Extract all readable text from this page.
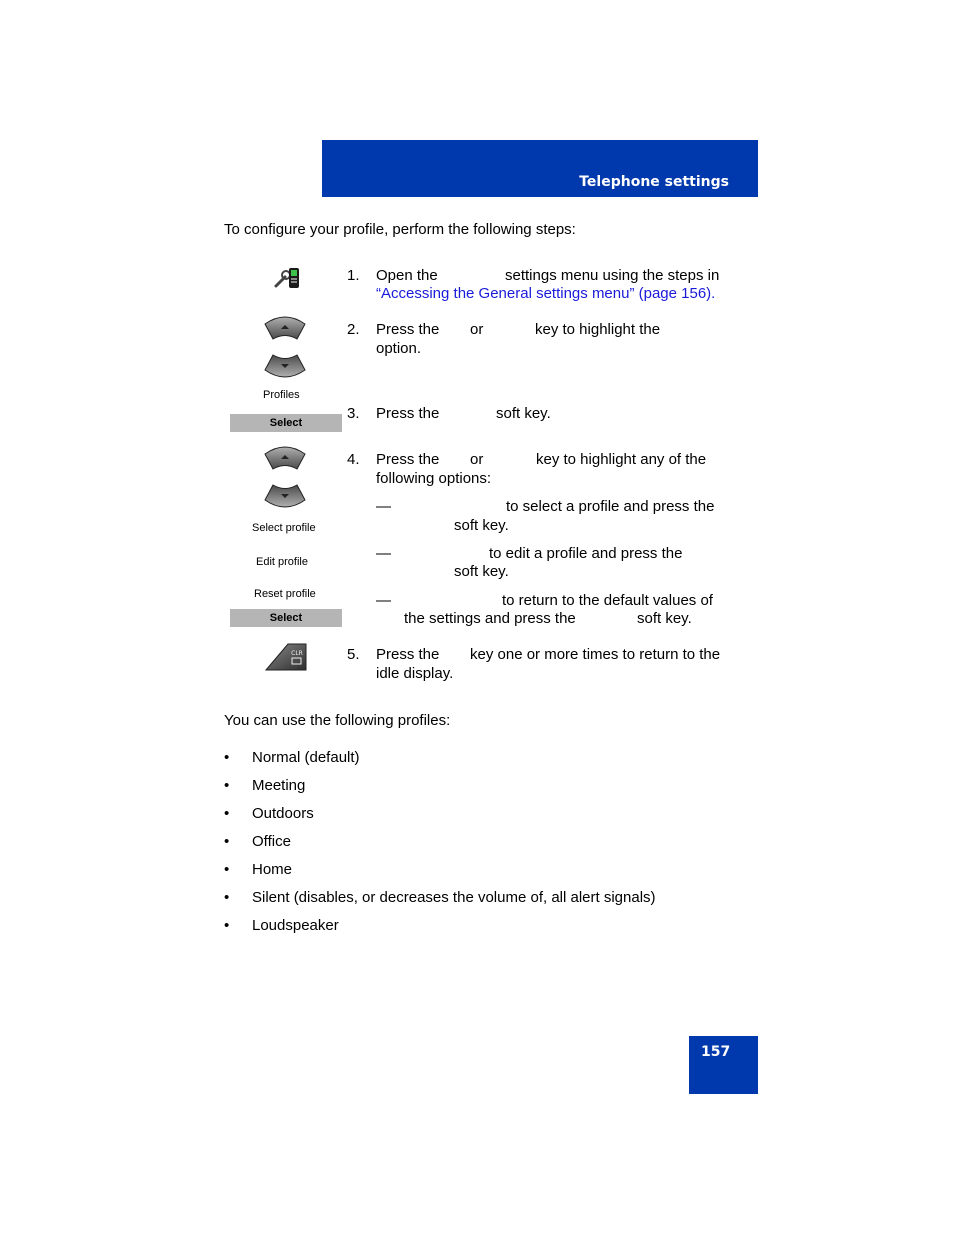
Telephone settings
To configure your profile, perform the following steps:
1. Open the	settings menu using the steps in
“Accessing the General settings menu” (page 156).
Profiles
2. Press the or	key to highlight the
option.
Select
3. Press the	soft key.
Select profile
Edit profile
Reset profile
Select
4. Press the or	key to highlight any of the
following options:
—	to select a profile and press the
soft key.
—	to edit a profile and press the
soft key.
—	to return to the default values of
the settings and press the	soft key.
CLR	5. Press the key one or more times to return to the
idle display.
You can use the following profiles:
• Normal (default)
• Meeting
• Outdoors
• Office
• Home
• Silent (disables, or decreases the volume of, all alert signals)
• Loudspeaker
157
